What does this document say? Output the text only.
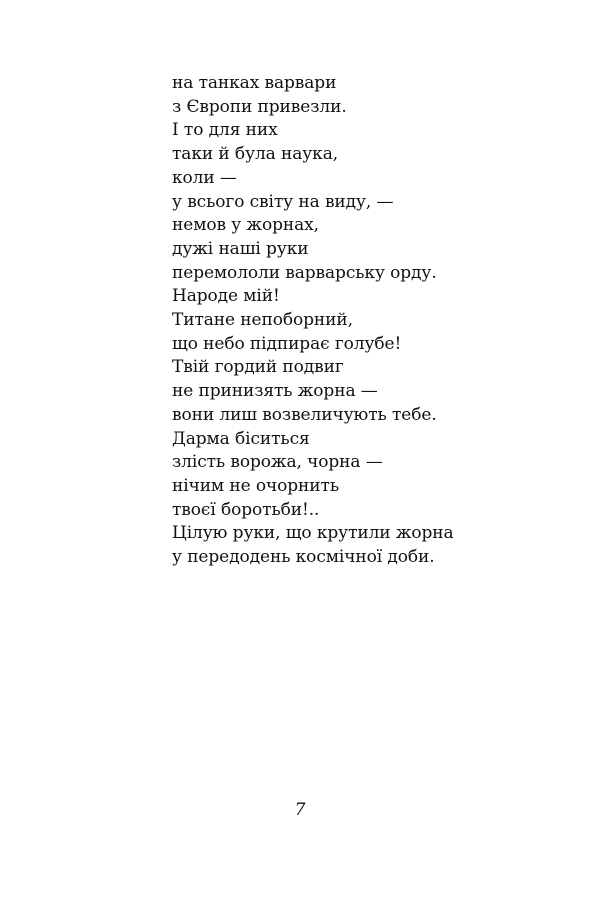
на танках варвари
з Європи привезли.
І то для них
таки й була наука,
коли —
у всього світу на виду, —
немов у жорнах,
дужі наші руки
перемололи варварську орду.
Народе мій!
Титане непоборний,
що небо підпирає голубе!
Твій гордий подвиг
не принизять жорна —
вони лиш возвеличують тебе.
Дарма біситься
злість ворожа, чорна —
нічим не очорнить
твоєї боротьби!..
Цілую руки, що крутили жорна
у передодень космічної доби.
7
